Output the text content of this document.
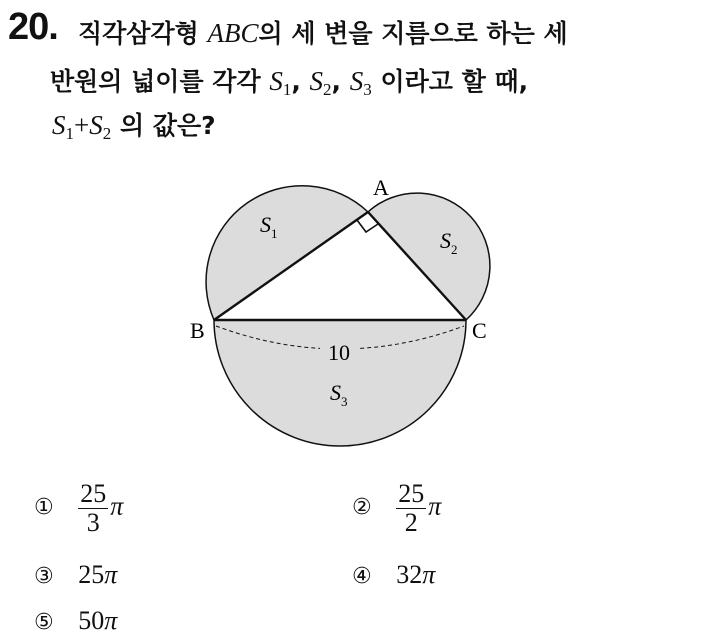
20. 직각삼각형 ABC의 세 변을 지름으로 하는 세
반원의 넓이를 각각 $S_1$, $S_2$, $S_3$ 이라고 할 때,
$S_1+S_2$ 의 값은?
10
A
B	C
$S_1$	$S_2$
$S_3$
① $\frac{25}{3}$ π	② $\frac{25}{2}$ π
③ 25π	④ 32π
⑤ 50π
